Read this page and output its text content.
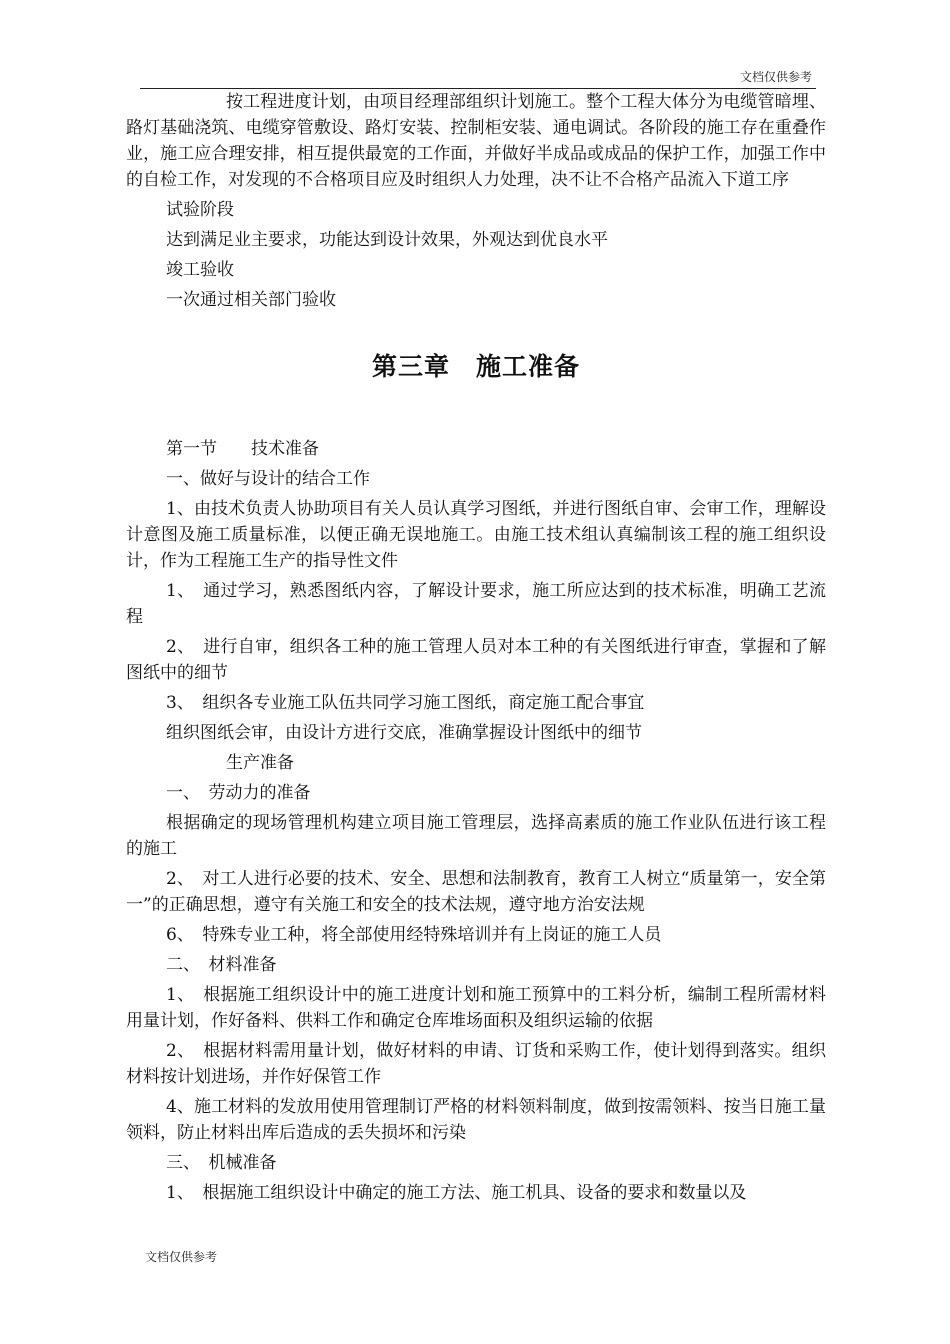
文档仅供参考

按工程进度计划，由项目经理部组织计划施工。整个工程大体分为电缆管暗埋、路灯基础浇筑、电缆穿管敷设、路灯安装、控制柜安装、通电调试。各阶段的施工存在重叠作业，施工应合理安排，相互提供最宽的工作面，并做好半成品或成品的保护工作，加强工作中的自检工作，对发现的不合格项目应及时组织人力处理，决不让不合格产品流入下道工序

试验阶段

达到满足业主要求，功能达到设计效果，外观达到优良水平

竣工验收

一次通过相关部门验收

第三章　施工准备

第一节　　技术准备

一、做好与设计的结合工作

1、由技术负责人协助项目有关人员认真学习图纸，并进行图纸自审、会审工作，理解设计意图及施工质量标准，以便正确无误地施工。由施工技术组认真编制该工程的施工组织设计，作为工程施工生产的指导性文件

1、　通过学习，熟悉图纸内容，了解设计要求，施工所应达到的技术标准，明确工艺流程

2、　进行自审，组织各工种的施工管理人员对本工种的有关图纸进行审查，掌握和了解图纸中的细节

3、　组织各专业施工队伍共同学习施工图纸，商定施工配合事宜

组织图纸会审，由设计方进行交底，准确掌握设计图纸中的细节

生产准备

一、　劳动力的准备

根据确定的现场管理机构建立项目施工管理层，选择高素质的施工作业队伍进行该工程的施工

2、　对工人进行必要的技术、安全、思想和法制教育，教育工人树立“质量第一，安全第一”的正确思想，遵守有关施工和安全的技术法规，遵守地方治安法规

6、　特殊专业工种，将全部使用经特殊培训并有上岗证的施工人员

二、　材料准备

1、　根据施工组织设计中的施工进度计划和施工预算中的工料分析，编制工程所需材料用量计划，作好备料、供料工作和确定仓库堆场面积及组织运输的依据

2、　根据材料需用量计划，做好材料的申请、订货和采购工作，使计划得到落实。组织材料按计划进场，并作好保管工作

4、施工材料的发放用使用管理制订严格的材料领料制度，做到按需领料、按当日施工量领料，防止材料出库后造成的丢失损坏和污染

三、　机械准备

1、　根据施工组织设计中确定的施工方法、施工机具、设备的要求和数量以及

文档仅供参考
